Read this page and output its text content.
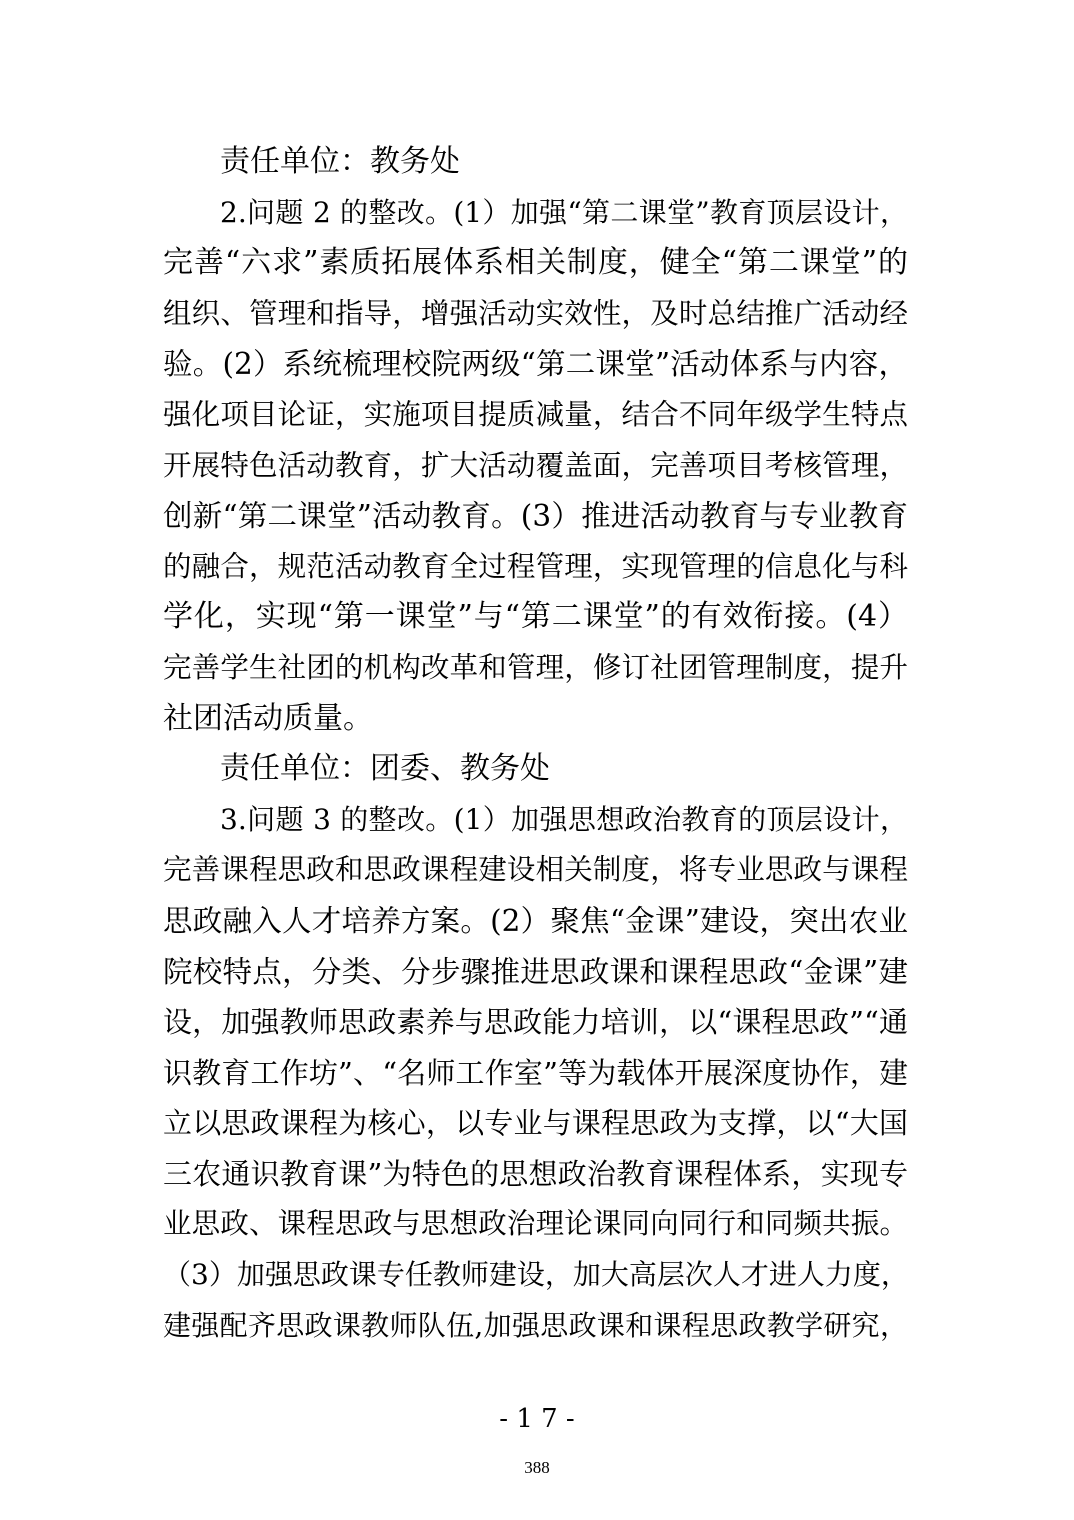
责任单位：教务处
2.问题 2 的整改。(1）加强“第二课堂”教育顶层设计，
完善“六求”素质拓展体系相关制度，健全“第二课堂”的
组织、管理和指导，增强活动实效性，及时总结推广活动经
验。(2）系统梳理校院两级“第二课堂”活动体系与内容，
强化项目论证，实施项目提质减量，结合不同年级学生特点
开展特色活动教育，扩大活动覆盖面，完善项目考核管理，
创新“第二课堂”活动教育。(3）推进活动教育与专业教育
的融合，规范活动教育全过程管理，实现管理的信息化与科
学化，实现“第一课堂”与“第二课堂”的有效衔接。(4）
完善学生社团的机构改革和管理，修订社团管理制度，提升
社团活动质量。
责任单位：团委、教务处
3.问题 3 的整改。(1）加强思想政治教育的顶层设计，
完善课程思政和思政课程建设相关制度，将专业思政与课程
思政融入人才培养方案。(2）聚焦“金课”建设，突出农业
院校特点，分类、分步骤推进思政课和课程思政“金课”建
设，加强教师思政素养与思政能力培训，以“课程思政”“通
识教育工作坊”、“名师工作室”等为载体开展深度协作，建
立以思政课程为核心，以专业与课程思政为支撑，以“大国
三农通识教育课”为特色的思想政治教育课程体系，实现专
业思政、课程思政与思想政治理论课同向同行和同频共振。
（3）加强思政课专任教师建设，加大高层次人才进人力度，
建强配齐思政课教师队伍,加强思政课和课程思政教学研究，
- 1 7 -
388
